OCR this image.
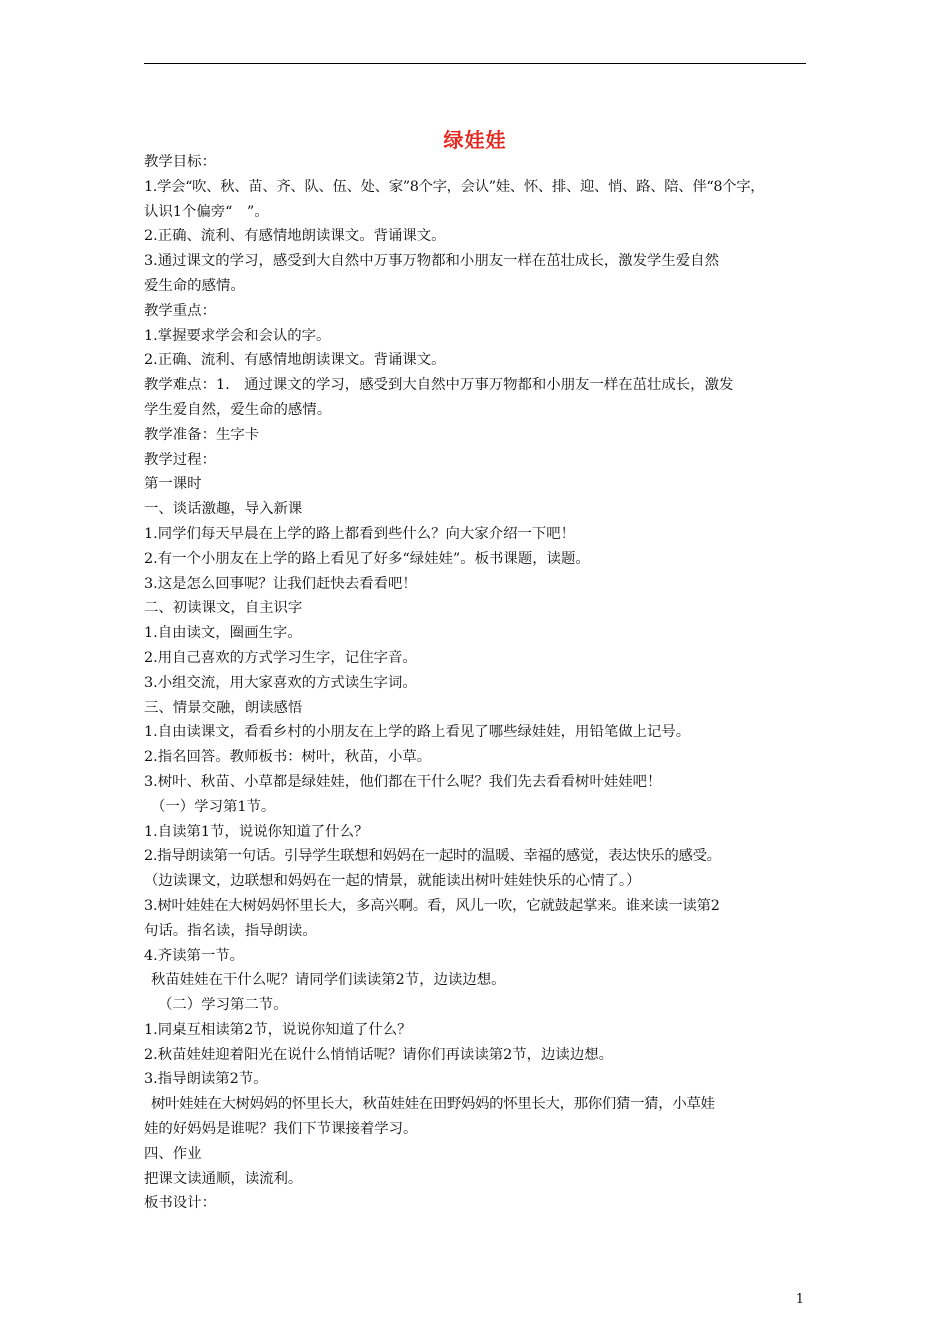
绿娃娃
教学目标：
1.学会“吹、秋、苗、齐、队、伍、处、家”8个字，会认”娃、怀、排、迎、悄、路、陪、伴“8个字，
认识1个偏旁“　”。
2.正确、流利、有感情地朗读课文。背诵课文。
3.通过课文的学习，感受到大自然中万事万物都和小朋友一样在茁壮成长，激发学生爱自然
爱生命的感情。
教学重点：
1.掌握要求学会和会认的字。
2.正确、流利、有感情地朗读课文。背诵课文。
教学难点：1.　通过课文的学习，感受到大自然中万事万物都和小朋友一样在茁壮成长，激发
学生爱自然，爱生命的感情。
教学准备：生字卡
教学过程：
第一课时
一、谈话激趣，导入新课
1.同学们每天早晨在上学的路上都看到些什么？向大家介绍一下吧！
2.有一个小朋友在上学的路上看见了好多“绿娃娃”。板书课题，读题。
3.这是怎么回事呢？让我们赶快去看看吧！
二、初读课文，自主识字
1.自由读文，圈画生字。
2.用自己喜欢的方式学习生字，记住字音。
3.小组交流，用大家喜欢的方式读生字词。
三、情景交融，朗读感悟
1.自由读课文，看看乡村的小朋友在上学的路上看见了哪些绿娃娃，用铅笔做上记号。
2.指名回答。教师板书：树叶，秋苗，小草。
3.树叶、秋苗、小草都是绿娃娃，他们都在干什么呢？我们先去看看树叶娃娃吧！
（一）学习第1节。
1.自读第1节，说说你知道了什么？
2.指导朗读第一句话。引导学生联想和妈妈在一起时的温暖、幸福的感觉，表达快乐的感受。
（边读课文，边联想和妈妈在一起的情景，就能读出树叶娃娃快乐的心情了。）
3.树叶娃娃在大树妈妈怀里长大，多高兴啊。看，风儿一吹，它就鼓起掌来。谁来读一读第2
句话。指名读，指导朗读。
4.齐读第一节。
秋苗娃娃在干什么呢？请同学们读读第2节，边读边想。
（二）学习第二节。
1.同桌互相读第2节，说说你知道了什么？
2.秋苗娃娃迎着阳光在说什么悄悄话呢？请你们再读读第2节，边读边想。
3.指导朗读第2节。
树叶娃娃在大树妈妈的怀里长大，秋苗娃娃在田野妈妈的怀里长大，那你们猜一猜，小草娃
娃的好妈妈是谁呢？我们下节课接着学习。
四、作业
把课文读通顺，读流利。
板书设计：
1
